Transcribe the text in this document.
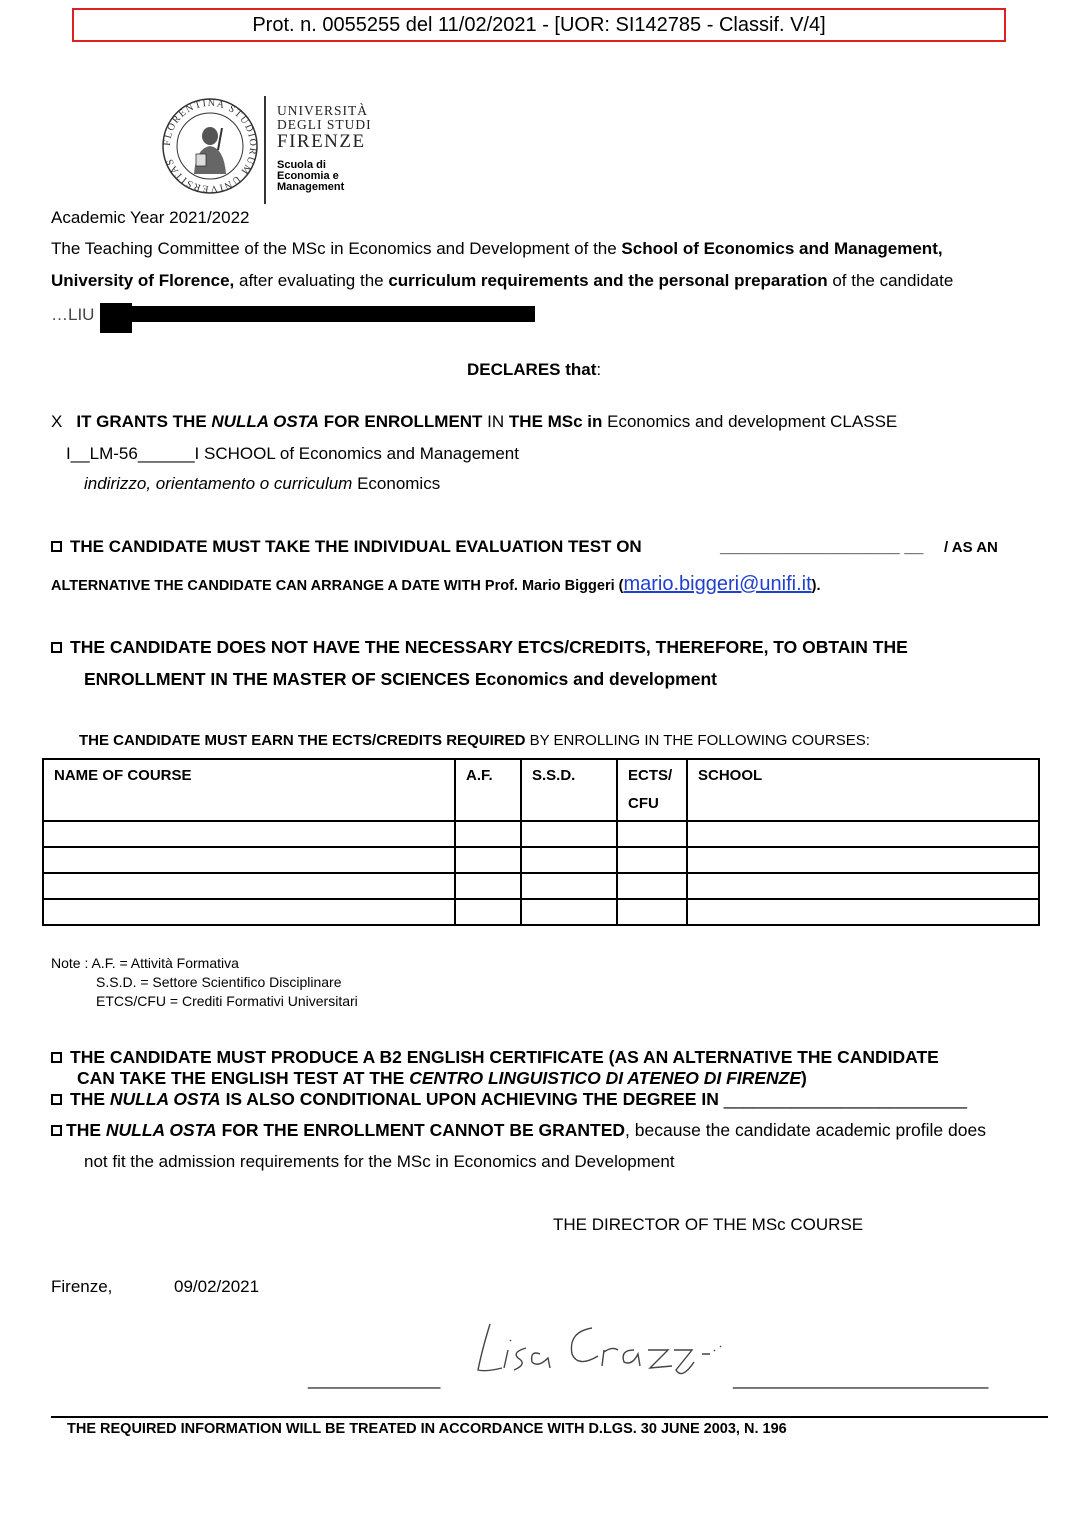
Prot. n. 0055255 del 11/02/2021 - [UOR: SI142785 - Classif. V/4]
FLORENTINA STUDIORUM UNIVERSITAS
UNIVERSITÀ
DEGLI STUDI
FIRENZE
Scuola di
Economia e
Management
Academic Year 2021/2022
The Teaching Committee of the MSc in Economics and Development of the School of Economics and Management,
University of Florence, after evaluating the curriculum requirements and the personal preparation of the candidate
…LIU
DECLARES that:
X IT GRANTS THE NULLA OSTA FOR ENROLLMENT IN THE MSc in Economics and development CLASSE
I__LM-56______I SCHOOL of Economics and Management
indirizzo, orientamento o curriculum Economics
THE CANDIDATE MUST TAKE THE INDIVIDUAL EVALUATION TEST ON	___________________ __ / AS AN
ALTERNATIVE THE CANDIDATE CAN ARRANGE A DATE WITH Prof. Mario Biggeri (mario.biggeri@unifi.it).
THE CANDIDATE DOES NOT HAVE THE NECESSARY ETCS/CREDITS, THEREFORE, TO OBTAIN THE
ENROLLMENT IN THE MASTER OF SCIENCES Economics and development
THE CANDIDATE MUST EARN THE ECTS/CREDITS REQUIRED BY ENROLLING IN THE FOLLOWING COURSES:
NAME OF COURSE	A.F.	S.S.D.	ECTS/ CFU	SCHOOL

Note : A.F. = Attività Formativa
S.S.D. = Settore Scientifico Disciplinare
ETCS/CFU = Crediti Formativi Universitari
THE CANDIDATE MUST PRODUCE A B2 ENGLISH CERTIFICATE (AS AN ALTERNATIVE THE CANDIDATE
CAN TAKE THE ENGLISH TEST AT THE CENTRO LINGUISTICO DI ATENEO DI FIRENZE)
THE NULLA OSTA IS ALSO CONDITIONAL UPON ACHIEVING THE DEGREE IN _________________________
THE NULLA OSTA FOR THE ENROLLMENT CANNOT BE GRANTED, because the candidate academic profile does
not fit the admission requirements for the MSc in Economics and Development
THE DIRECTOR OF THE MSc COURSE
Firenze,	09/02/2021
______________	___________________________
THE REQUIRED INFORMATION WILL BE TREATED IN ACCORDANCE WITH D.LGS. 30 JUNE 2003, N. 196
